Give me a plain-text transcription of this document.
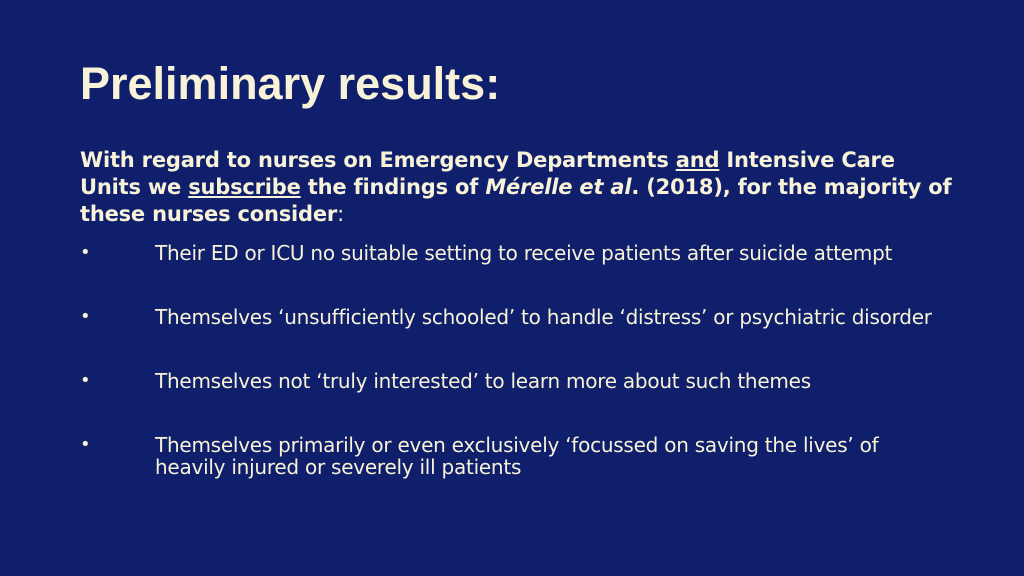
Preliminary results:

With regard to nurses on Emergency Departments and Intensive Care Units we subscribe the findings of Mérelle et al. (2018), for the majority of these nurses consider:

•	Their ED or ICU no suitable setting to receive patients after suicide attempt
•	Themselves ‘unsufficiently schooled’ to handle ‘distress’ or psychiatric disorder
•	Themselves not ‘truly interested’ to learn more about such themes
•	Themselves primarily or even exclusively ‘focussed on saving the lives’ of heavily injured or severely ill patients
